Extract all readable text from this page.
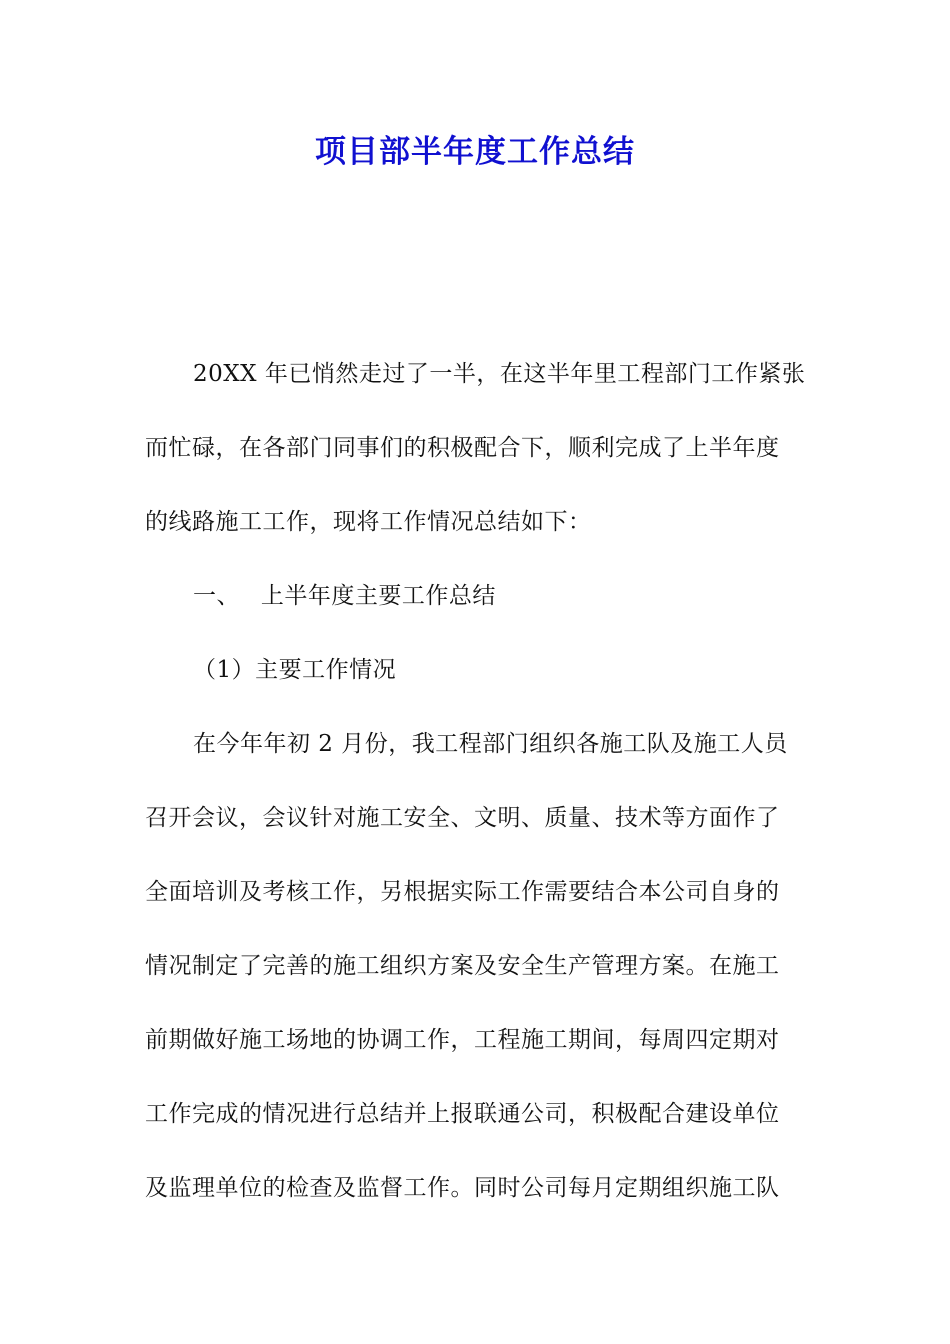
项目部半年度工作总结
20XX 年已悄然走过了一半，在这半年里工程部门工作紧张
而忙碌，在各部门同事们的积极配合下，顺利完成了上半年度
的线路施工工作，现将工作情况总结如下：
一、 上半年度主要工作总结
（1）主要工作情况
在今年年初 2 月份，我工程部门组织各施工队及施工人员
召开会议，会议针对施工安全、文明、质量、技术等方面作了
全面培训及考核工作，另根据实际工作需要结合本公司自身的
情况制定了完善的施工组织方案及安全生产管理方案。在施工
前期做好施工场地的协调工作，工程施工期间，每周四定期对
工作完成的情况进行总结并上报联通公司，积极配合建设单位
及监理单位的检查及监督工作。同时公司每月定期组织施工队
